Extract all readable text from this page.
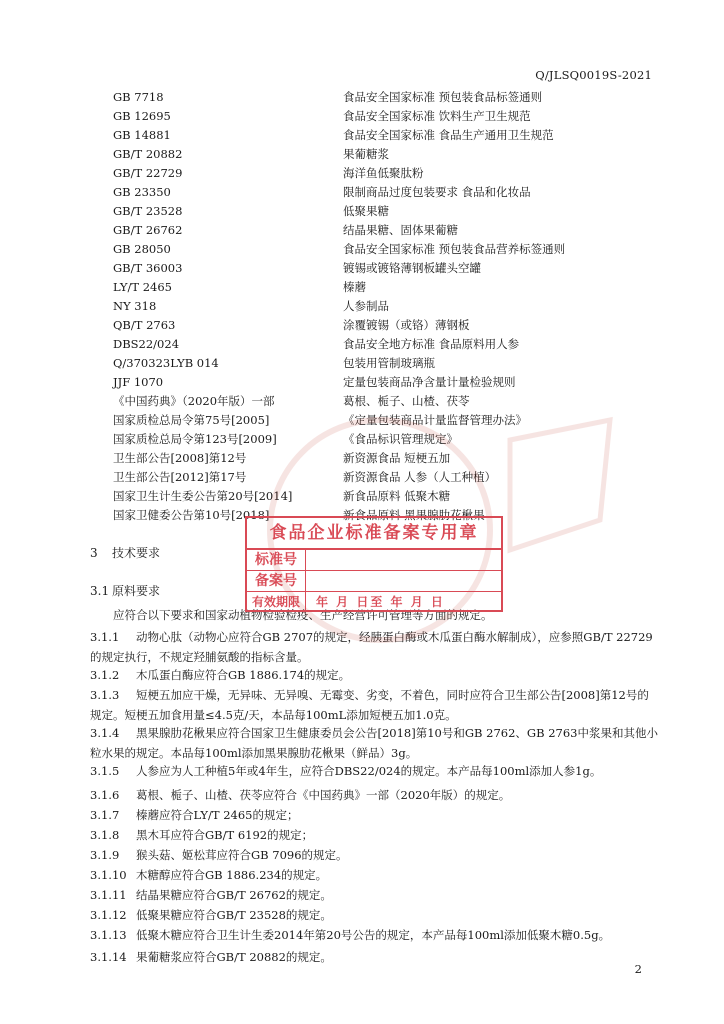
Q/JLSQ0019S-2021
GB 7718	食品安全国家标准 预包装食品标签通则
GB 12695	食品安全国家标准 饮料生产卫生规范
GB 14881	食品安全国家标准 食品生产通用卫生规范
GB/T 20882	果葡糖浆
GB/T 22729	海洋鱼低聚肽粉
GB 23350	限制商品过度包装要求 食品和化妆品
GB/T 23528	低聚果糖
GB/T 26762	结晶果糖、固体果葡糖
GB 28050	食品安全国家标准 预包装食品营养标签通则
GB/T 36003	镀锡或镀铬薄钢板罐头空罐
LY/T 2465	榛蘑
NY 318	人参制品
QB/T 2763	涂覆镀锡（或铬）薄钢板
DBS22/024	食品安全地方标准 食品原料用人参
Q/370323LYB 014	包装用管制玻璃瓶
JJF 1070	定量包装商品净含量计量检验规则
《中国药典》（2020年版）一部	葛根、栀子、山楂、茯苓
国家质检总局令第75号[2005]	《定量包装商品计量监督管理办法》
国家质检总局令第123号[2009]	《食品标识管理规定》
卫生部公告[2008]第12号	新资源食品 短梗五加
卫生部公告[2012]第17号	新资源食品 人参（人工种植）
国家卫生计生委公告第20号[2014]	新食品原料 低聚木糖
国家卫健委公告第10号[2018]	新食品原料 黑果腺肋花楸果
3 技术要求
3.1 原料要求
应符合以下要求和国家动植物检验检疫、生产经营许可管理等方面的规定。
3.1.1 动物心肽（动物心应符合GB 2707的规定，经胰蛋白酶或木瓜蛋白酶水解制成），应参照GB/T 22729的规定执行，不规定羟脯氨酸的指标含量。
3.1.2 木瓜蛋白酶应符合GB 1886.174的规定。
3.1.3 短梗五加应干燥，无异味、无异嗅、无霉变、劣变，不着色，同时应符合卫生部公告[2008]第12号的规定。短梗五加食用量≤4.5克/天，本品每100mL添加短梗五加1.0克。
3.1.4 黑果腺肋花楸果应符合国家卫生健康委员会公告[2018]第10号和GB 2762、GB 2763中浆果和其他小粒水果的规定。本品每100ml添加黑果腺肋花楸果（鲜品）3g。
3.1.5 人参应为人工种植5年或4年生，应符合DBS22/024的规定。本产品每100ml添加人参1g。
3.1.6 葛根、栀子、山楂、茯苓应符合《中国药典》一部（2020年版）的规定。
3.1.7 榛蘑应符合LY/T 2465的规定；
3.1.8 黑木耳应符合GB/T 6192的规定；
3.1.9 猴头菇、姬松茸应符合GB 7096的规定。
3.1.10 木糖醇应符合GB 1886.234的规定。
3.1.11 结晶果糖应符合GB/T 26762的规定。
3.1.12 低聚果糖应符合GB/T 23528的规定。
3.1.13 低聚木糖应符合卫生计生委2014年第20号公告的规定，本产品每100ml添加低聚木糖0.5g。
3.1.14 果葡糖浆应符合GB/T 20882的规定。
食品企业标准备案专用章
标准号
备案号
有效期限	年 月 日至 年 月 日
2
